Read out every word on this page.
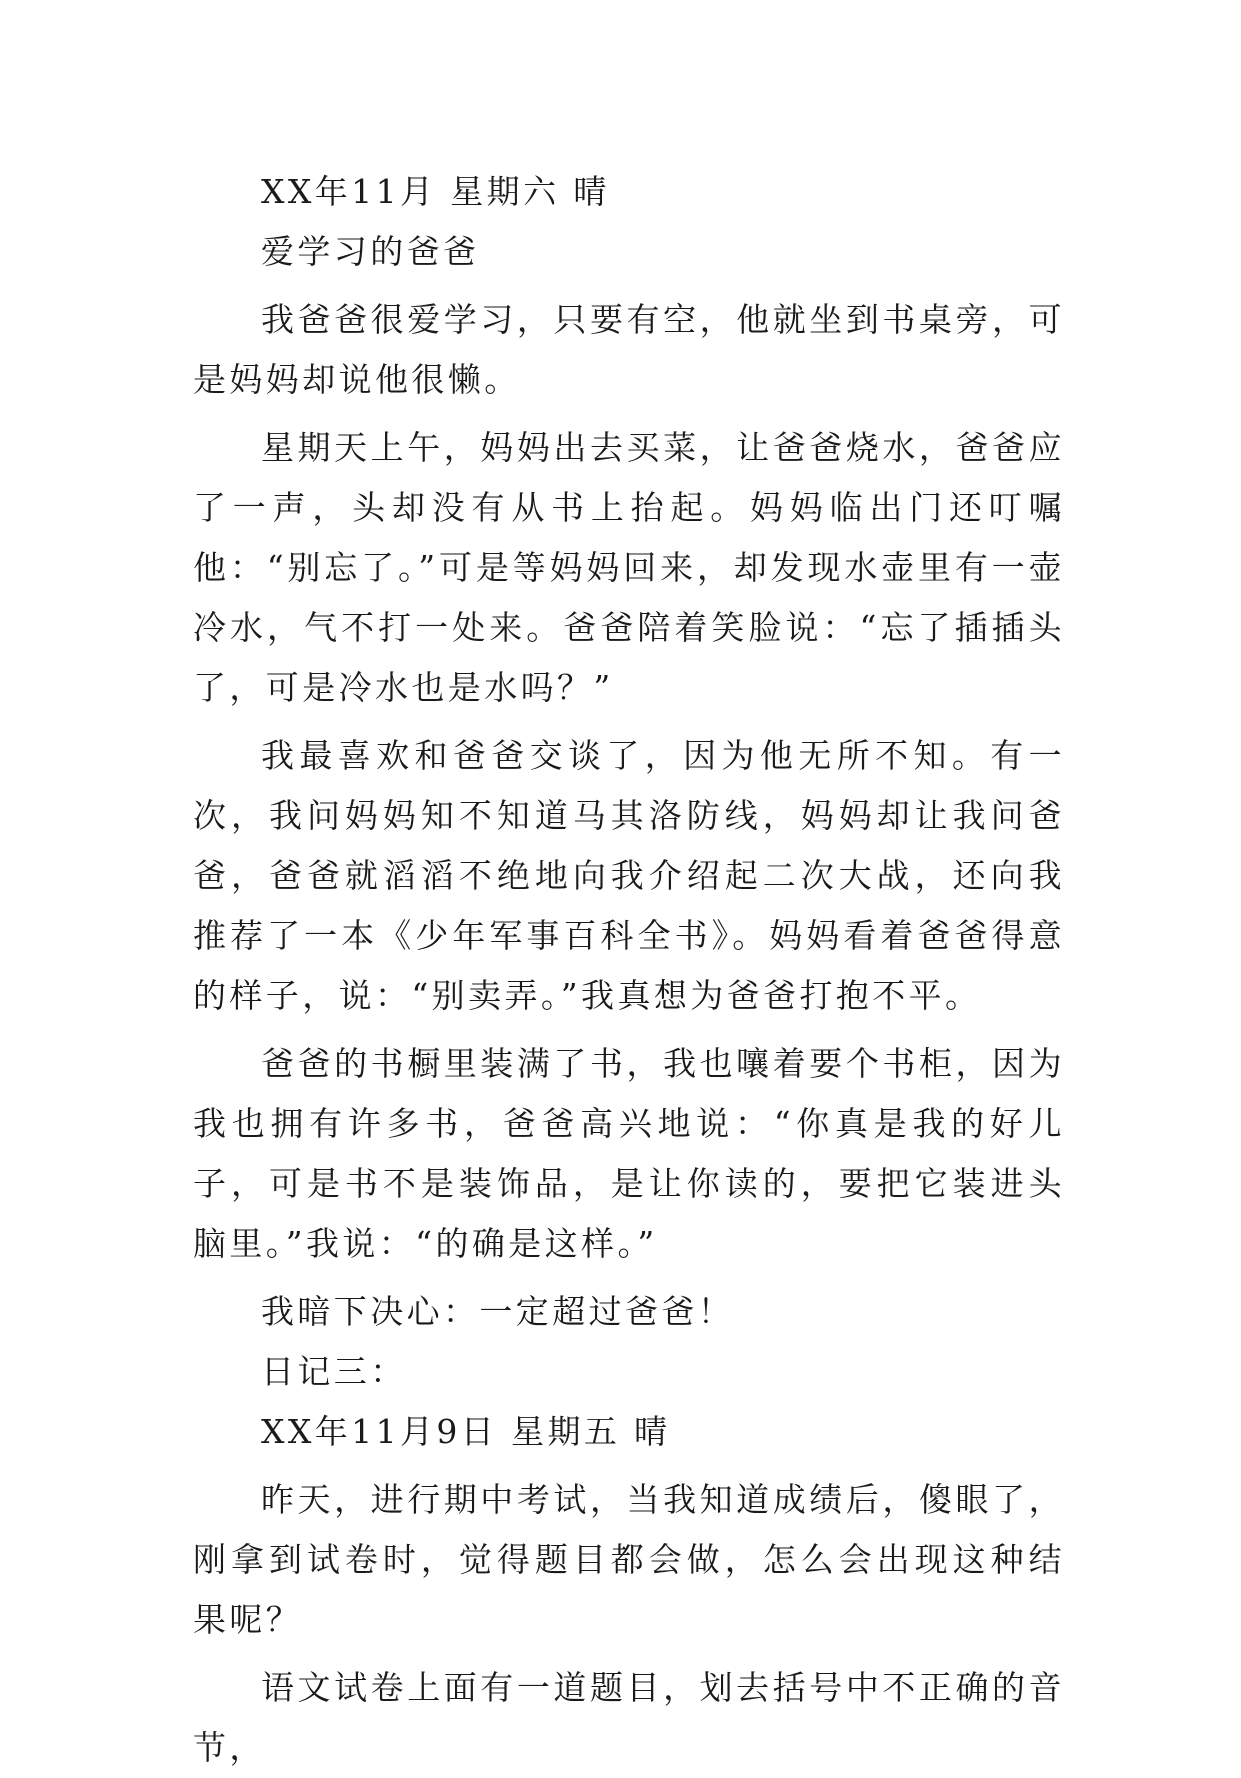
XX年11月 星期六 晴

爱学习的爸爸

我爸爸很爱学习，只要有空，他就坐到书桌旁，可是妈妈却说他很懒。

星期天上午，妈妈出去买菜，让爸爸烧水，爸爸应了一声，头却没有从书上抬起。妈妈临出门还叮嘱他：“别忘了。”可是等妈妈回来，却发现水壶里有一壶冷水，气不打一处来。爸爸陪着笑脸说：“忘了插插头了，可是冷水也是水吗？”

我最喜欢和爸爸交谈了，因为他无所不知。有一次，我问妈妈知不知道马其洛防线，妈妈却让我问爸爸，爸爸就滔滔不绝地向我介绍起二次大战，还向我推荐了一本《少年军事百科全书》。妈妈看着爸爸得意的样子，说：“别卖弄。”我真想为爸爸打抱不平。

爸爸的书橱里装满了书，我也嚷着要个书柜，因为我也拥有许多书，爸爸高兴地说：“你真是我的好儿子，可是书不是装饰品，是让你读的，要把它装进头脑里。”我说：“的确是这样。”

我暗下决心：一定超过爸爸！

日记三：

XX年11月9日 星期五 晴

昨天，进行期中考试，当我知道成绩后，傻眼了，刚拿到试卷时，觉得题目都会做，怎么会出现这种结果呢？

语文试卷上面有一道题目，划去括号中不正确的音节，
